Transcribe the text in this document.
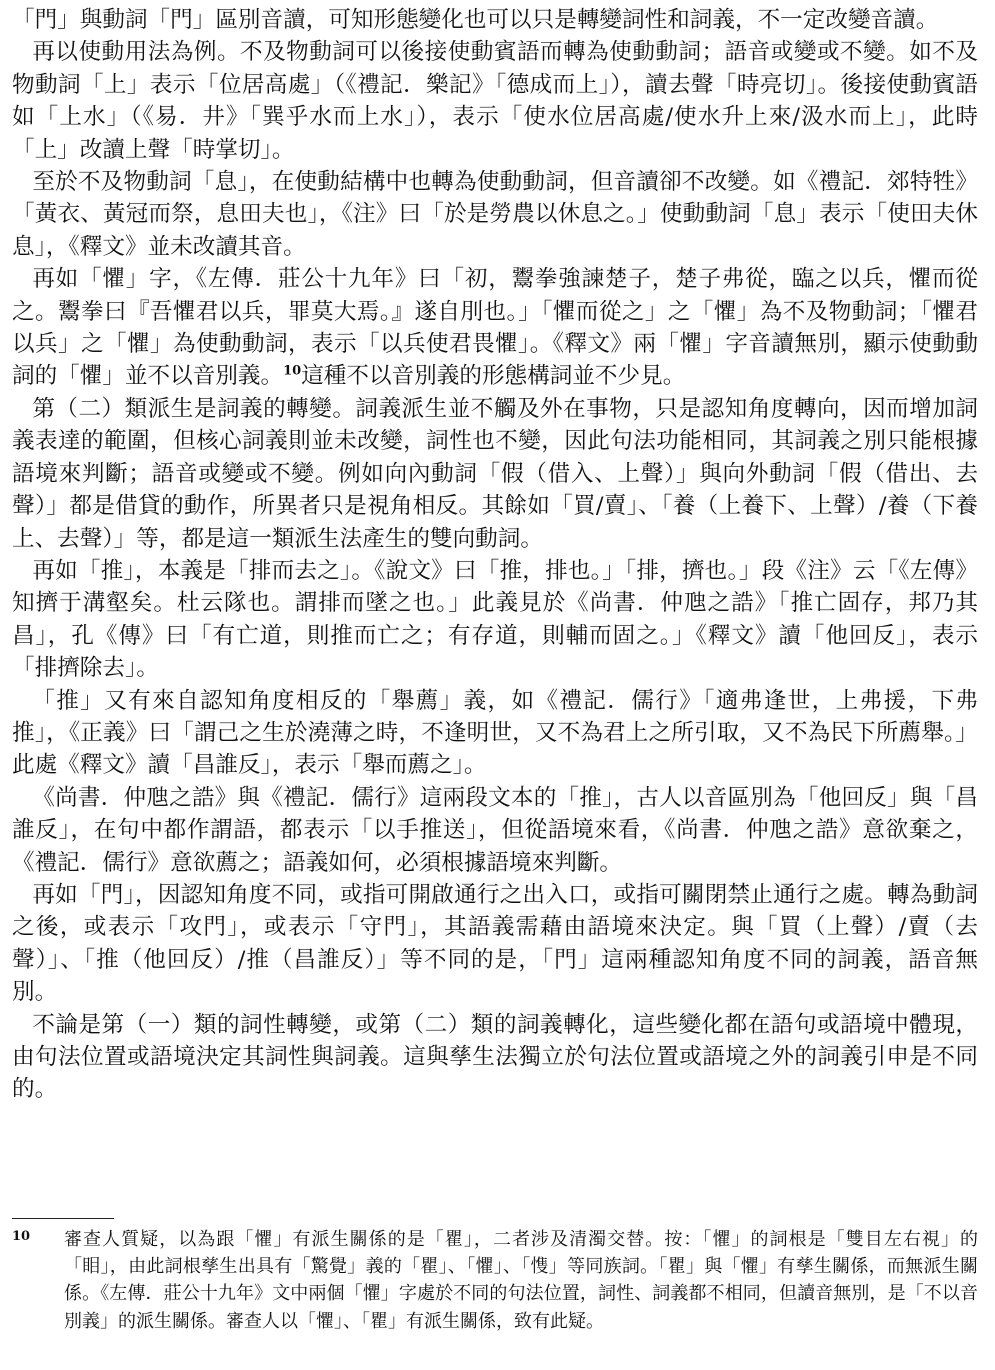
「門」與動詞「門」區別音讀，可知形態變化也可以只是轉變詞性和詞義，不一定改變音讀。

再以使動用法為例。不及物動詞可以後接使動賓語而轉為使動動詞；語音或變或不變。如不及物動詞「上」表示「位居高處」（《禮記．樂記》「德成而上」），讀去聲「時亮切」。後接使動賓語如「上水」（《易．井》「巽乎水而上水」），表示「使水位居高處/使水升上來/汲水而上」，此時「上」改讀上聲「時掌切」。

至於不及物動詞「息」，在使動結構中也轉為使動動詞，但音讀卻不改變。如《禮記．郊特牲》「黃衣、黃冠而祭，息田夫也」，《注》曰「於是勞農以休息之。」使動動詞「息」表示「使田夫休息」，《釋文》並未改讀其音。

再如「懼」字，《左傳．莊公十九年》曰「初，鬻拳強諫楚子，楚子弗從，臨之以兵，懼而從之。鬻拳曰『吾懼君以兵，罪莫大焉。』遂自刖也。」「懼而從之」之「懼」為不及物動詞；「懼君以兵」之「懼」為使動動詞，表示「以兵使君畏懼」。《釋文》兩「懼」字音讀無別，顯示使動動詞的「懼」並不以音別義。$^{10}$這種不以音別義的形態構詞並不少見。

第（二）類派生是詞義的轉變。詞義派生並不觸及外在事物，只是認知角度轉向，因而增加詞義表達的範圍，但核心詞義則並未改變，詞性也不變，因此句法功能相同，其詞義之別只能根據語境來判斷；語音或變或不變。例如向內動詞「假（借入、上聲）」與向外動詞「假（借出、去聲）」都是借貸的動作，所異者只是視角相反。其餘如「買/賣」、「養（上養下、上聲）/養（下養上、去聲）」等，都是這一類派生法產生的雙向動詞。

再如「推」，本義是「排而去之」。《說文》曰「推，排也。」「排，擠也。」段《注》云「《左傳》知擠于溝壑矣。杜云隊也。謂排而墜之也。」此義見於《尚書．仲虺之誥》「推亡固存，邦乃其昌」，孔《傳》曰「有亡道，則推而亡之；有存道，則輔而固之。」《釋文》讀「他回反」，表示「排擠除去」。

「推」又有來自認知角度相反的「舉薦」義，如《禮記．儒行》「適弗逢世，上弗援，下弗推」，《正義》曰「謂己之生於澆薄之時，不逢明世，又不為君上之所引取，又不為民下所薦舉。」此處《釋文》讀「昌誰反」，表示「舉而薦之」。

《尚書．仲虺之誥》與《禮記．儒行》這兩段文本的「推」，古人以音區別為「他回反」與「昌誰反」，在句中都作謂語，都表示「以手推送」，但從語境來看，《尚書．仲虺之誥》意欲棄之，《禮記．儒行》意欲薦之；語義如何，必須根據語境來判斷。

再如「門」，因認知角度不同，或指可開啟通行之出入口，或指可關閉禁止通行之處。轉為動詞之後，或表示「攻門」，或表示「守門」，其語義需藉由語境來決定。與「買（上聲）/賣（去聲）」、「推（他回反）/推（昌誰反）」等不同的是，「門」這兩種認知角度不同的詞義，語音無別。

不論是第（一）類的詞性轉變，或第（二）類的詞義轉化，這些變化都在語句或語境中體現，由句法位置或語境決定其詞性與詞義。這與孳生法獨立於句法位置或語境之外的詞義引申是不同的。

10 審查人質疑，以為跟「懼」有派生關係的是「瞿」，二者涉及清濁交替。按：「懼」的詞根是「雙目左右視」的「䀠」，由此詞根孳生出具有「驚覺」義的「瞿」、「懼」、「愯」等同族詞。「瞿」與「懼」有孳生關係，而無派生關係。《左傳．莊公十九年》文中兩個「懼」字處於不同的句法位置，詞性、詞義都不相同，但讀音無別，是「不以音別義」的派生關係。審查人以「懼」、「瞿」有派生關係，致有此疑。
